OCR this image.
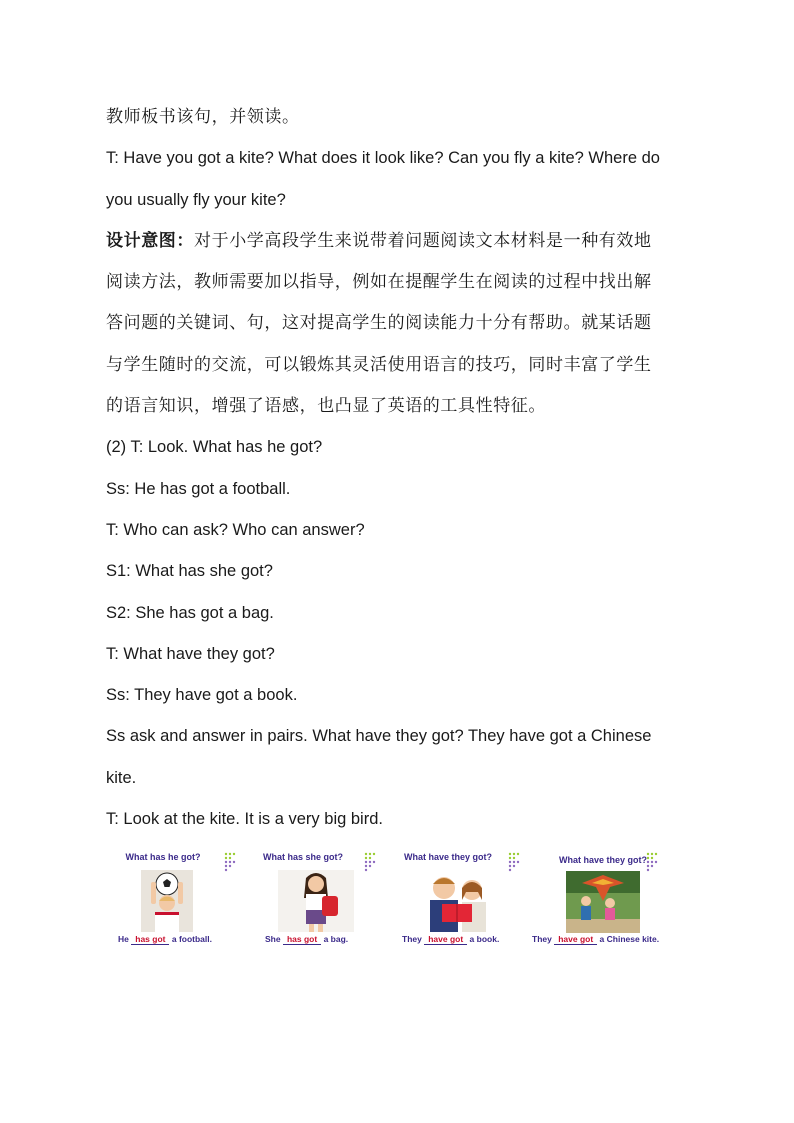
教师板书该句，并领读。

T: Have you got a kite? What does it look like? Can you fly a kite? Where do

you usually fly your kite?

设计意图：对于小学高段学生来说带着问题阅读文本材料是一种有效地

阅读方法，教师需要加以指导，例如在提醒学生在阅读的过程中找出解

答问题的关键词、句，这对提高学生的阅读能力十分有帮助。就某话题

与学生随时的交流，可以锻炼其灵活使用语言的技巧，同时丰富了学生

的语言知识，增强了语感，也凸显了英语的工具性特征。

(2) T: Look. What has he got?

Ss: He has got a football.

T: Who can ask? Who can answer?

S1: What has she got?

S2: She has got a bag.

T: What have they got?

Ss: They have got a book.

Ss ask and answer in pairs. What have they got? They have got a Chinese

kite.

T: Look at the kite. It is a very big bird.

What has he got?
He has got a football.
What has she got?
She has got a bag.
What have they got?
They have got a book.
What have they got?
They have got a Chinese kite.
